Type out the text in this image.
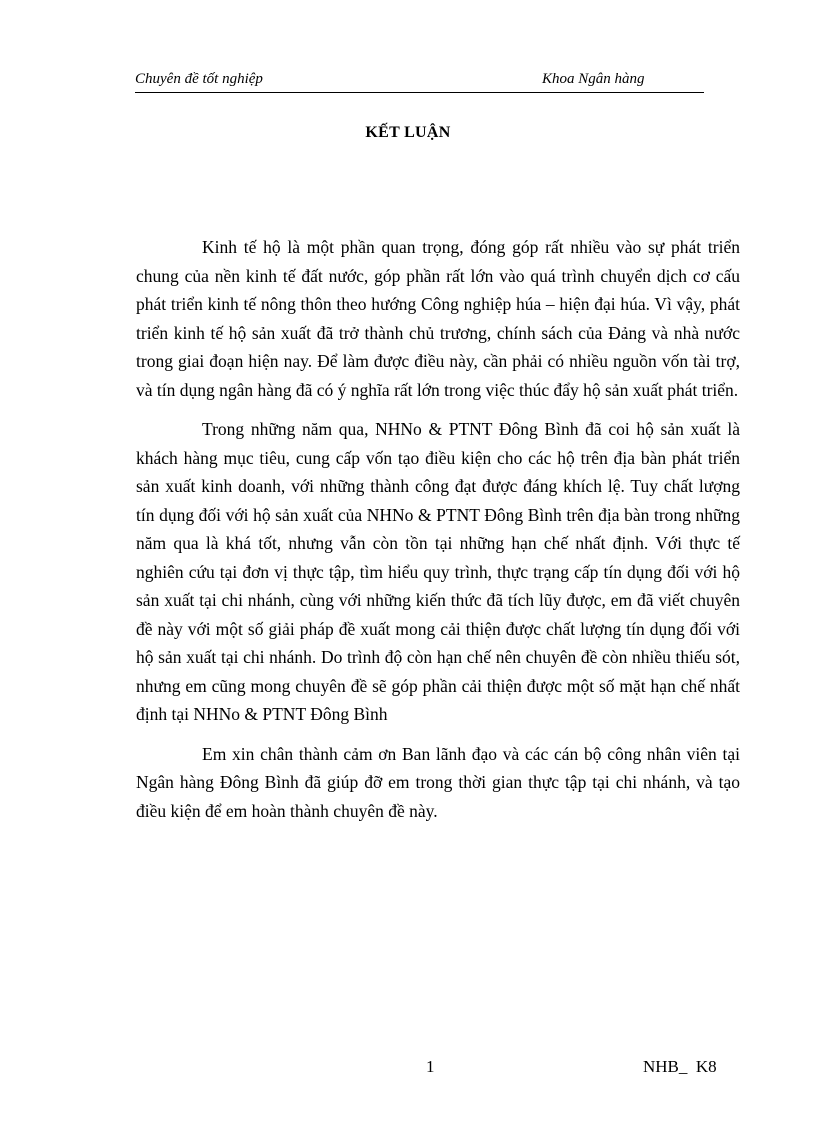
Chuyên đề tốt nghiệp	Khoa Ngân hàng
KẾT LUẬN

Kinh tế hộ là một phần quan trọng, đóng góp rất nhiều vào sự phát triển chung của nền kinh tế đất nước, góp phần rất lớn vào quá trình chuyển dịch cơ cấu phát triển kinh tế nông thôn theo hướng Công nghiệp húa – hiện đại húa. Vì vậy, phát triển kinh tế hộ sản xuất đã trở thành chủ trương, chính sách của Đảng và nhà nước trong giai đoạn hiện nay. Để làm được điều này, cần phải có nhiều nguồn vốn tài trợ, và tín dụng ngân hàng đã có ý nghĩa rất lớn trong việc thúc đẩy hộ sản xuất phát triển.

Trong những năm qua, NHNo & PTNT Đông Bình đã coi hộ sản xuất là khách hàng mục tiêu, cung cấp vốn tạo điều kiện cho các hộ trên địa bàn phát triển sản xuất kinh doanh, với những thành công đạt được đáng khích lệ. Tuy chất lượng tín dụng đối với hộ sản xuất của NHNo & PTNT Đông Bình trên địa bàn trong những năm qua là khá tốt, nhưng vẫn còn tồn tại những hạn chế nhất định. Với thực tế nghiên cứu tại đơn vị thực tập, tìm hiểu quy trình, thực trạng cấp tín dụng đối với hộ sản xuất tại chi nhánh, cùng với những kiến thức đã tích lũy được, em đã viết chuyên đề này với một số giải pháp đề xuất mong cải thiện được chất lượng tín dụng đối với hộ sản xuất tại chi nhánh. Do trình độ còn hạn chế nên chuyên đề còn nhiều thiếu sót, nhưng em cũng mong chuyên đề sẽ góp phần cải thiện được một số mặt hạn chế nhất định tại NHNo & PTNT Đông Bình

Em xin chân thành cảm ơn Ban lãnh đạo và các cán bộ công nhân viên tại Ngân hàng Đông Bình đã giúp đỡ em trong thời gian thực tập tại chi nhánh, và tạo điều kiện để em hoàn thành chuyên đề này.

1	NHB_  K8
